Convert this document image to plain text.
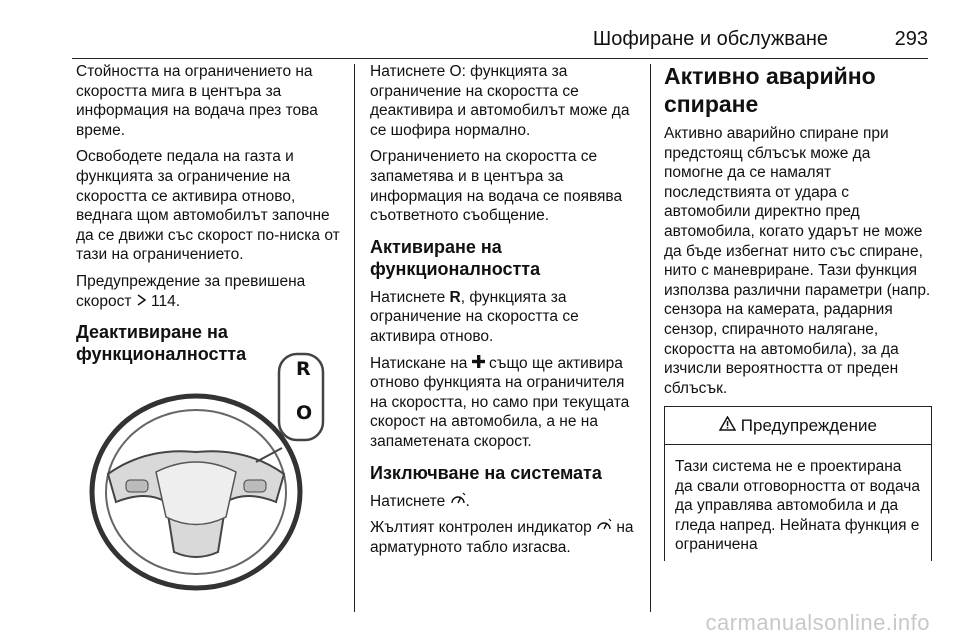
Шофиране и обслужване	293

Стойността на ограничението на скоростта мига в центъра за информация на водача през това време.

Освободете педала на газта и функцията за ограничение на скоростта се активира отново, веднага щом автомобилът започне да се движи със скорост по-ниска от тази на ограничението.

Предупреждение за превишена скорост 114.

Деактивиране на функционалността
R
O

Натиснете O: функцията за ограничение на скоростта се деактивира и автомобилът може да се шофира нормално.

Ограничението на скоростта се запаметява и в центъра за информация на водача се появява съответното съобщение.

Активиране на функционалността

Натиснете R, функцията за ограничение на скоростта се активира отново.

Натискане на  също ще активира отново функцията на ограничителя на скоростта, но само при текущата скорост на автомобила, а не на запаметената скорост.

Изключване на системата

Натиснете .

Жълтият контролен индикатор  на арматурното табло изгасва.

Активно аварийно спиране

Активно аварийно спиране при предстоящ сблъсък може да помогне да се намалят последствията от удара с автомобили директно пред автомобила, когато ударът не може да бъде избегнат нито със спиране, нито с маневриране. Тази функция използва различни параметри (напр. сензора на камерата, радарния сензор, спирачното налягане, скоростта на автомобила), за да изчисли вероятността от преден сблъсък.

Предупреждение

Тази система не е проектирана да свали отговорността от водача да управлява автомобила и да гледа напред. Нейната функция е ограничена

carmanualsonline.info
